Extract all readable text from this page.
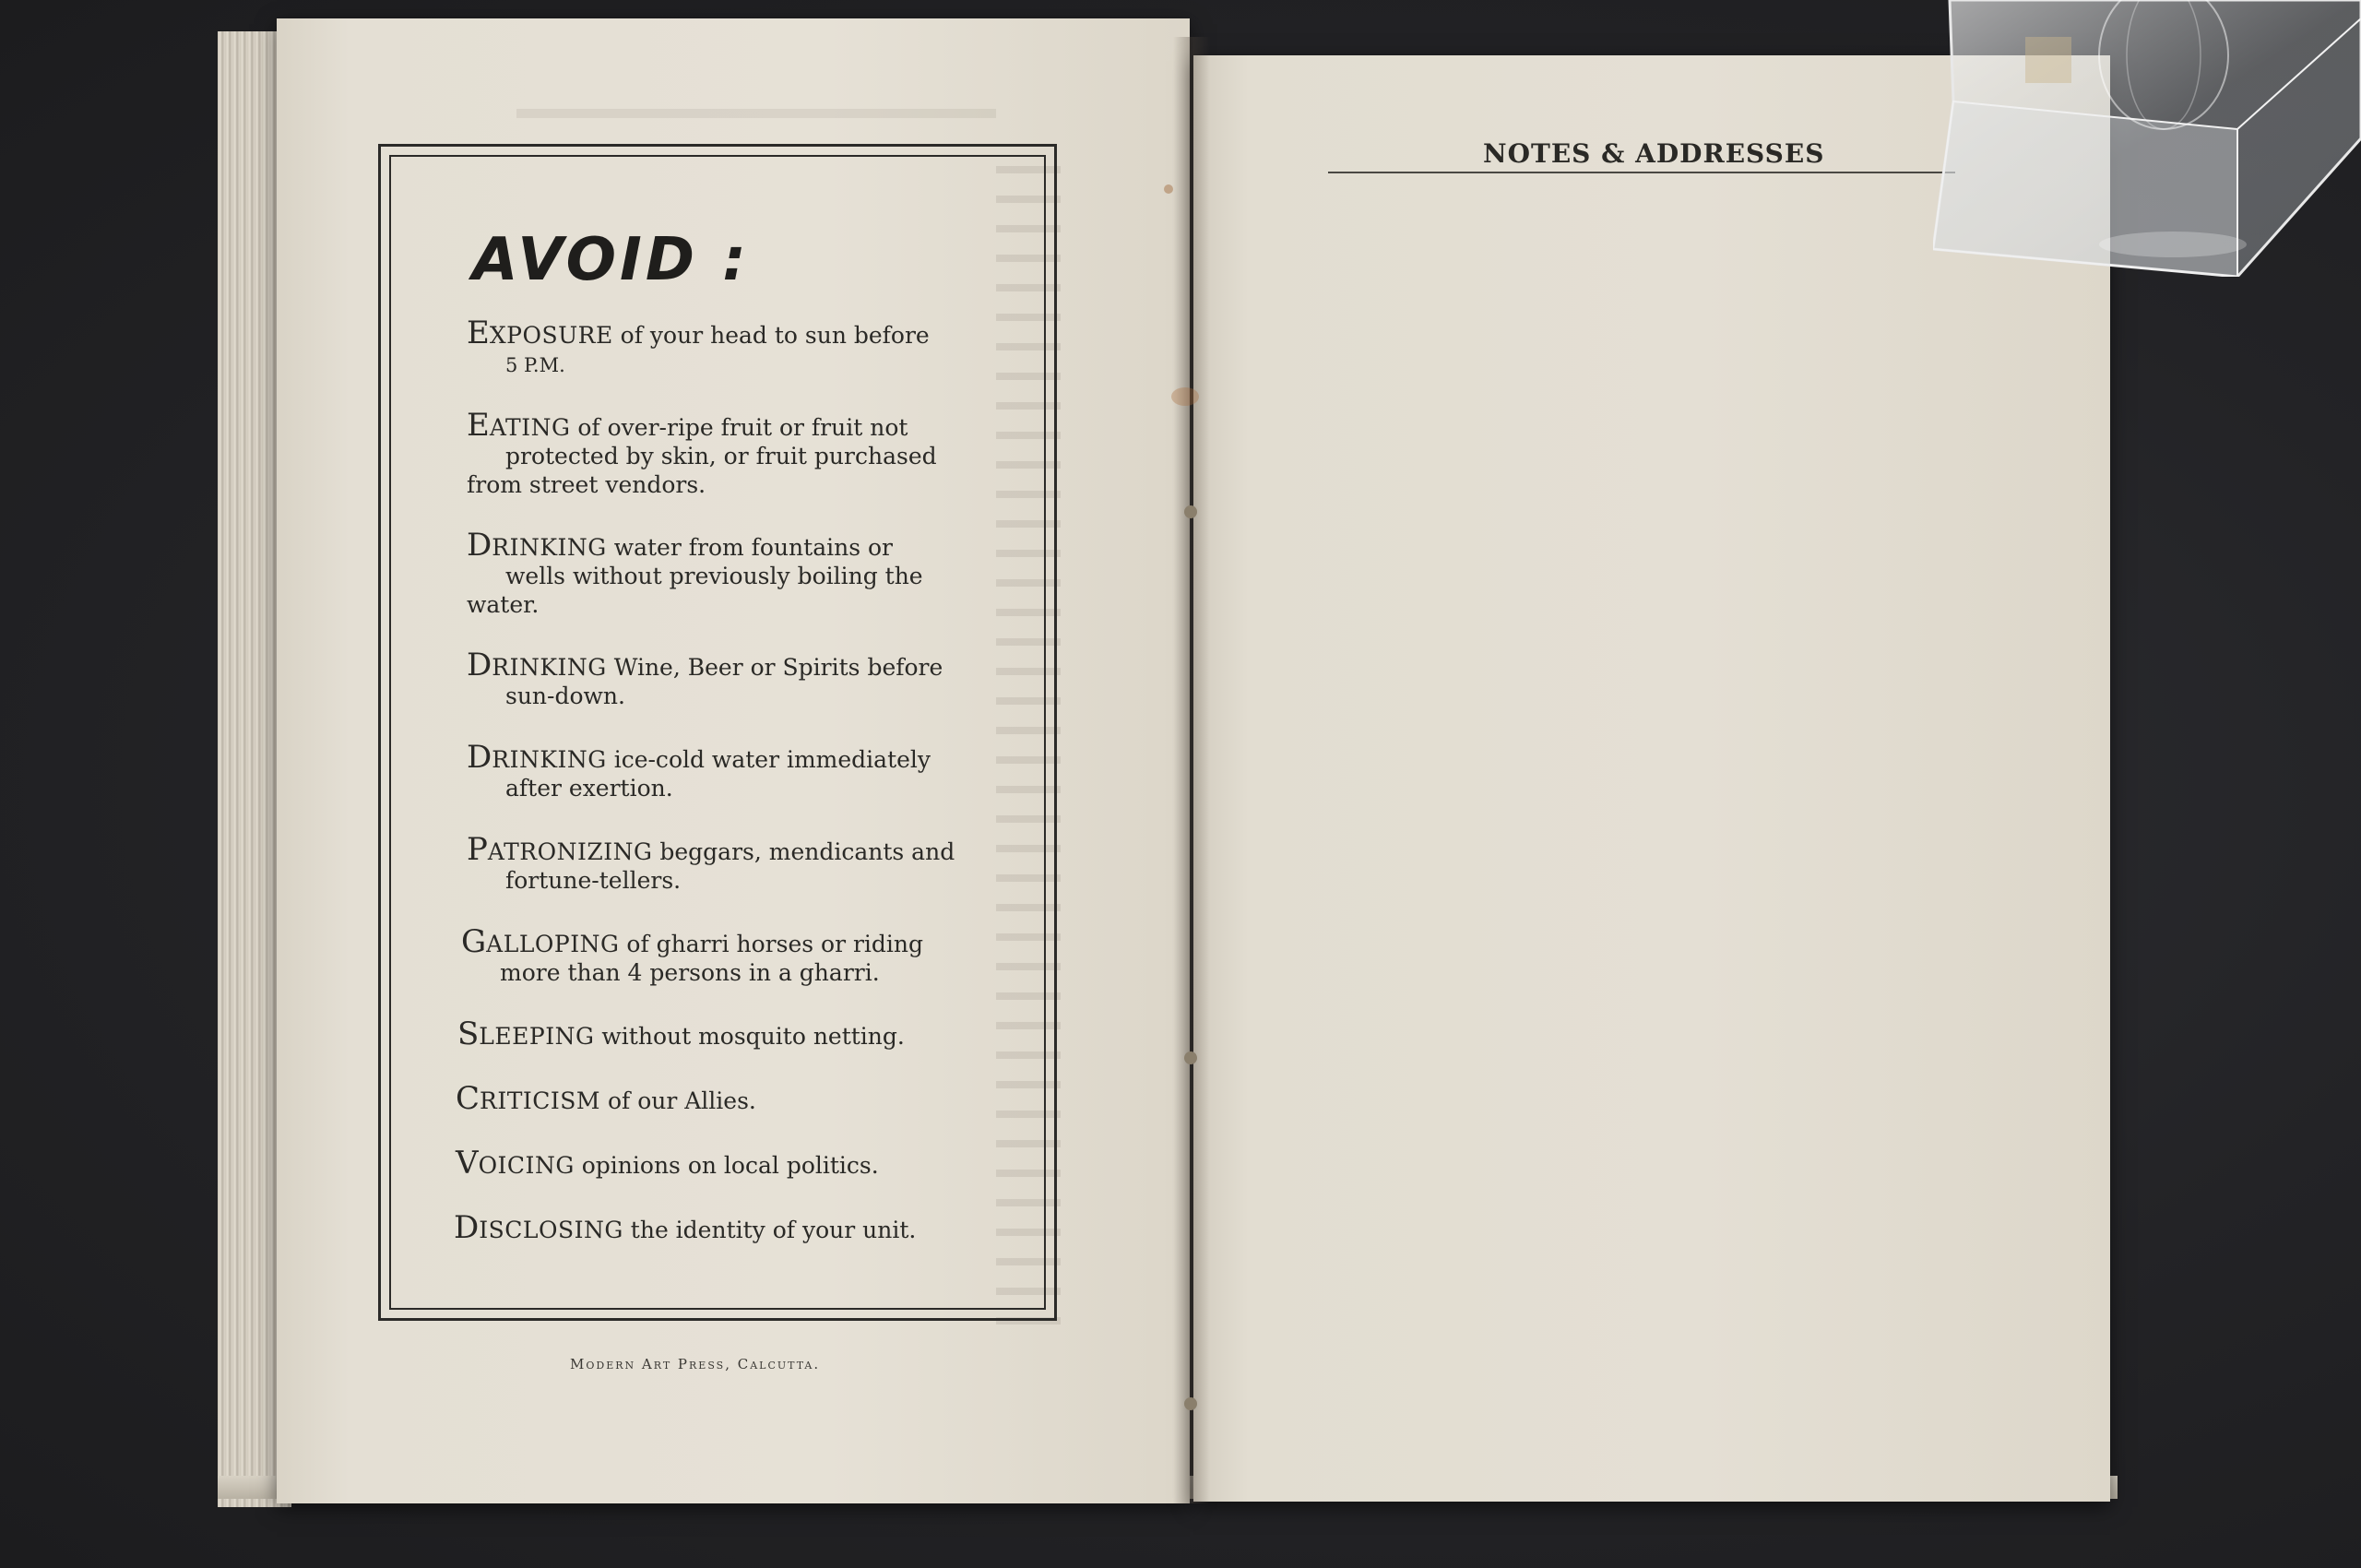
AVOID :
EXPOSURE of your head to sun before
5 P.M.
EATING of over-ripe fruit or fruit not
protected by skin, or fruit purchased
from street vendors.
DRINKING water from fountains or
wells without previously boiling the
water.
DRINKING Wine, Beer or Spirits before
sun-down.
DRINKING ice-cold water immediately
after exertion.
PATRONIZING beggars, mendicants and
fortune-tellers.
GALLOPING of gharri horses or riding
more than 4 persons in a gharri.
SLEEPING without mosquito netting.
CRITICISM of our Allies.
VOICING opinions on local politics.
DISCLOSING the identity of your unit.
Modern Art Press, Calcutta.
NOTES & ADDRESSES
